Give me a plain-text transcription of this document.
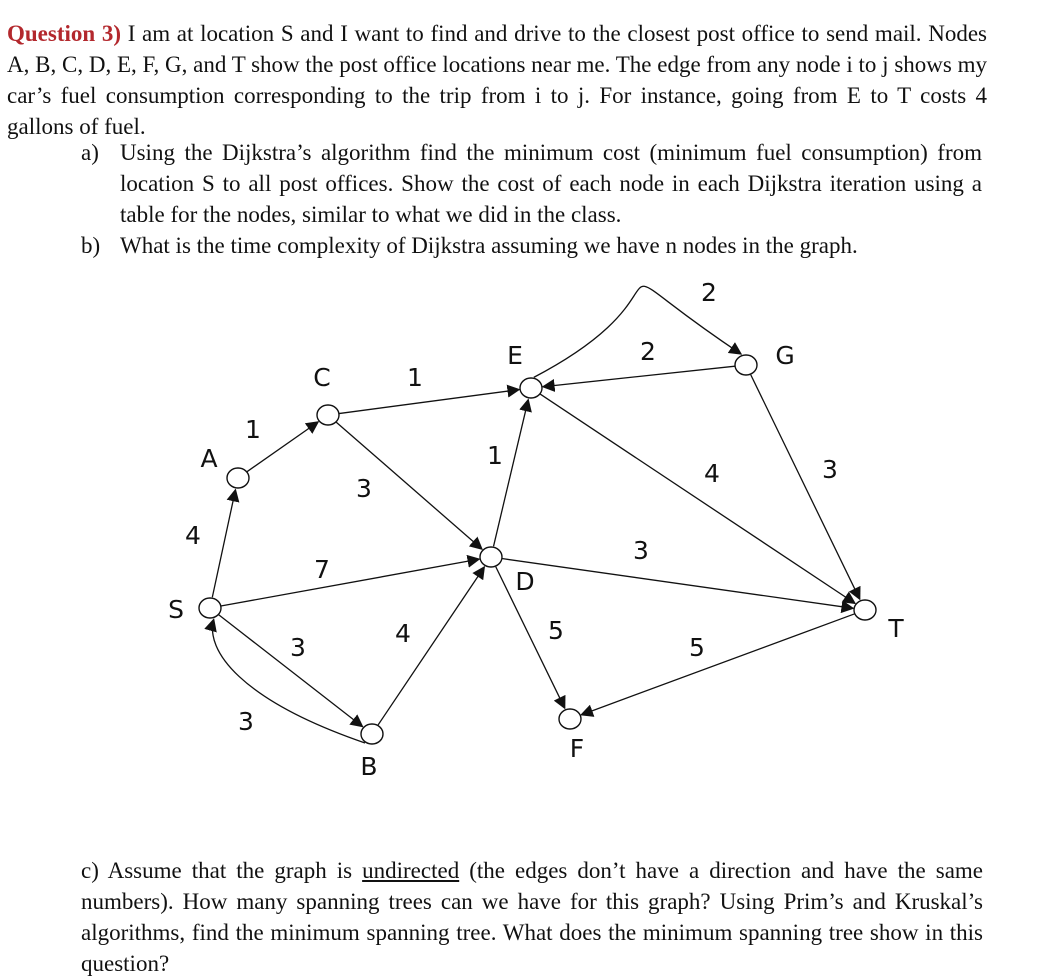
Question 3) I am at location S and I want to find and drive to the closest post office to send mail. Nodes A, B, C, D, E, F, G, and T show the post office locations near me. The edge from any node i to j shows my car’s fuel consumption corresponding to the trip from i to j. For instance, going from E to T costs 4 gallons of fuel.

a) Using the Dijkstra’s algorithm find the minimum cost (minimum fuel consumption) from location S to all post offices. Show the cost of each node in each Dijkstra iteration using a table for the nodes, similar to what we did in the class.
b) What is the time complexity of Dijkstra assuming we have n nodes in the graph.
4
1
1
3
7
3
3
4
1
2
2
4
3
3
5
5
S
A
B
C
D
E
F
G
T

c) Assume that the graph is undirected (the edges don’t have a direction and have the same numbers). How many spanning trees can we have for this graph? Using Prim’s and Kruskal’s algorithms, find the minimum spanning tree. What does the minimum spanning tree show in this question?
